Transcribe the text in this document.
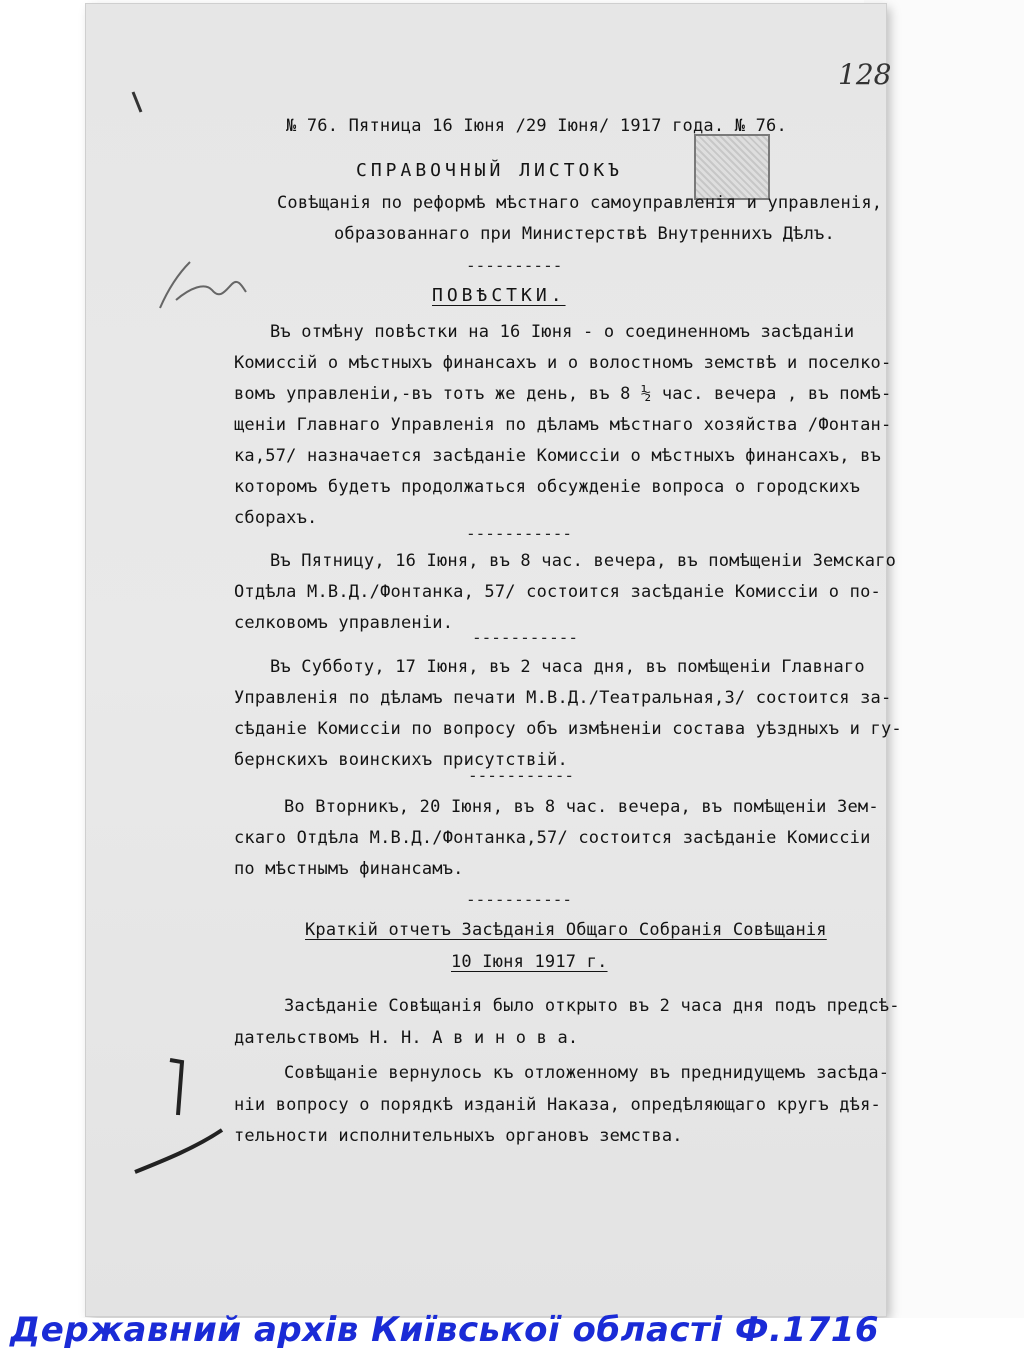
128
№ 76. Пятница 16 Iюня /29 Iюня/ 1917 года. № 76.
СПРАВОЧНЫЙ ЛИСТОКЪ
Совѣщанія по реформѣ мѣстнаго самоуправленія и управленія,
образованнаго при Министерствѣ Внутреннихъ Дѣлъ.
----------
ПОВѢСТКИ.
Въ отмѣну повѣстки на 16 Iюня - о соединенномъ засѣданiи
Комиссiй о мѣстныхъ финансахъ и о волостномъ земствѣ и поселко-
вомъ управленiи,-въ тотъ же день, въ 8 ½ час. вечера , въ помѣ-
щенiи Главнаго Управленiя по дѣламъ мѣстнаго хозяйства /Фонтан-
ка,57/ назначается засѣданiе Комиссiи о мѣстныхъ финансахъ, въ
которомъ будетъ продолжаться обсужденiе вопроса о городскихъ
сборахъ.
-----------
Въ Пятницу, 16 Iюня, въ 8 час. вечера, въ помѣщенiи Земскаго
Отдѣла М.В.Д./Фонтанка, 57/ состоится засѣданiе Комиссiи о по-
селковомъ управленiи.
-----------
Въ Субботу, 17 Iюня, въ 2 часа дня, въ помѣщенiи Главнаго
Управленiя по дѣламъ печати М.В.Д./Театральная,3/ состоится за-
сѣданiе Комиссiи по вопросу объ измѣненiи состава уѣздныхъ и гу-
бернскихъ воинскихъ присутствiй.
-----------
Во Вторникъ, 20 Iюня, въ 8 час. вечера, въ помѣщенiи Зем-
скаго Отдѣла М.В.Д./Фонтанка,57/ состоится засѣданiе Комиссiи
по мѣстнымъ финансамъ.
-----------
Краткiй отчетъ Засѣданiя Общаго Собранiя Совѣщанiя
10 Iюня 1917 г.
Засѣданiе Совѣщанiя было открыто въ 2 часа дня подъ предсѣ-
дательствомъ Н. Н. А в и н о в а.
Совѣщанiе вернулось къ отложенному въ преднидущемъ засѣда-
нiи вопросу о порядкѣ изданiй Наказа, опредѣляющаго кругъ дѣя-
тельности исполнительныхъ органовъ земства.
Державний архів Київської області Ф.1716
